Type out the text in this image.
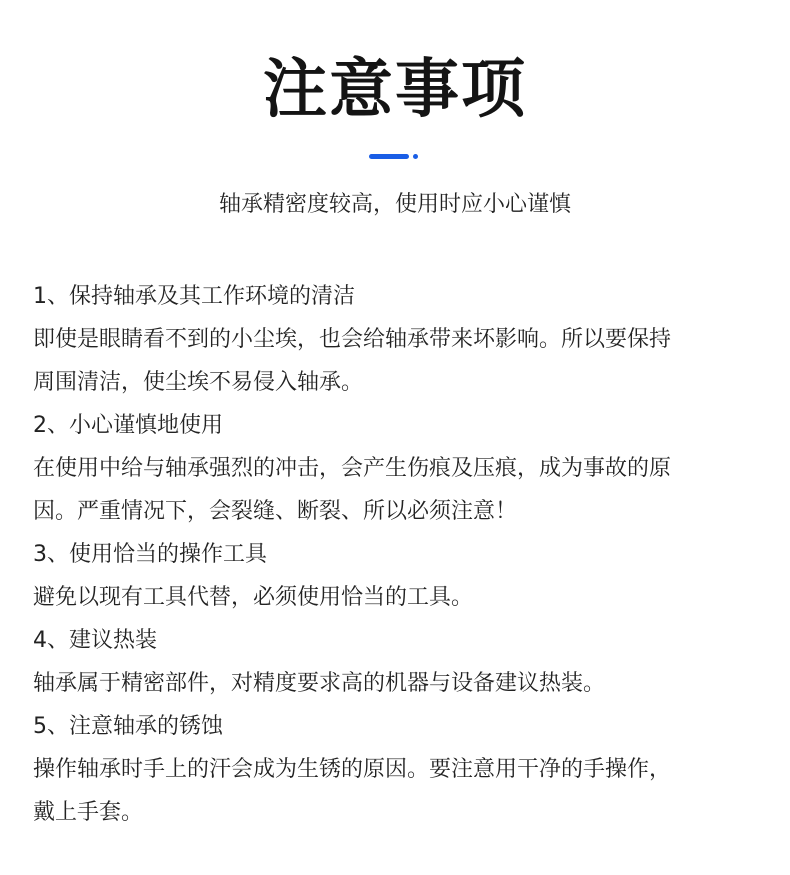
注意事项
轴承精密度较高，使用时应小心谨慎
1、保持轴承及其工作环境的清洁
即使是眼睛看不到的小尘埃，也会给轴承带来坏影响。所以要保持
周围清洁，使尘埃不易侵入轴承。
2、小心谨慎地使用
在使用中给与轴承强烈的冲击，会产生伤痕及压痕，成为事故的原
因。严重情况下，会裂缝、断裂、所以必须注意！
3、使用恰当的操作工具
避免以现有工具代替，必须使用恰当的工具。
4、建议热装
轴承属于精密部件，对精度要求高的机器与设备建议热装。
5、注意轴承的锈蚀
操作轴承时手上的汗会成为生锈的原因。要注意用干净的手操作，
戴上手套。
